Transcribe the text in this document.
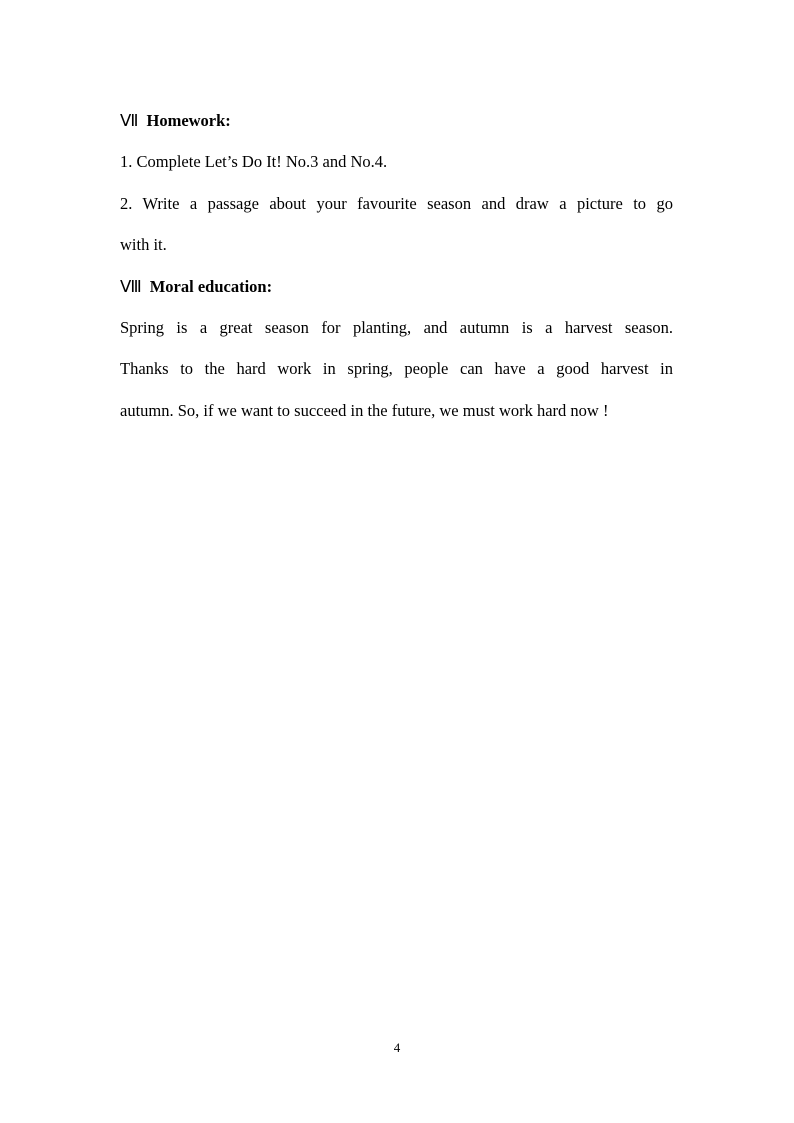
Ⅶ Homework:

1. Complete Let’s Do It! No.3 and No.4.

2. Write a passage about your favourite season and draw a picture to go

with it.

Ⅷ Moral education:

Spring is a great season for planting, and autumn is a harvest season.

Thanks to the hard work in spring, people can have a good harvest in

autumn. So, if we want to succeed in the future, we must work hard now !

4
